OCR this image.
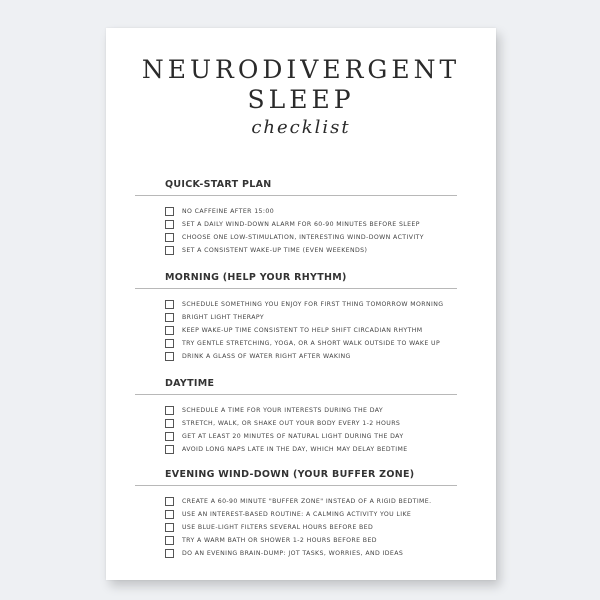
NEURODIVERGENT
SLEEP
checklist
QUICK-START PLAN
NO CAFFEINE AFTER 15:00
SET A DAILY WIND-DOWN ALARM FOR 60-90 MINUTES BEFORE SLEEP
CHOOSE ONE LOW-STIMULATION, INTERESTING WIND-DOWN ACTIVITY
SET A CONSISTENT WAKE-UP TIME (EVEN WEEKENDS)
MORNING (HELP YOUR RHYTHM)
SCHEDULE SOMETHING YOU ENJOY FOR FIRST THING TOMORROW MORNING
BRIGHT LIGHT THERAPY
KEEP WAKE-UP TIME CONSISTENT TO HELP SHIFT CIRCADIAN RHYTHM
TRY GENTLE STRETCHING, YOGA, OR A SHORT WALK OUTSIDE TO WAKE UP
DRINK A GLASS OF WATER RIGHT AFTER WAKING
DAYTIME
SCHEDULE A TIME FOR YOUR INTERESTS DURING THE DAY
STRETCH, WALK, OR SHAKE OUT YOUR BODY EVERY 1-2 HOURS
GET AT LEAST 20 MINUTES OF NATURAL LIGHT DURING THE DAY
AVOID LONG NAPS LATE IN THE DAY, WHICH MAY DELAY BEDTIME
EVENING WIND-DOWN (YOUR BUFFER ZONE)
CREATE A 60-90 MINUTE "BUFFER ZONE" INSTEAD OF A RIGID BEDTIME.
USE AN INTEREST-BASED ROUTINE: A CALMING ACTIVITY YOU LIKE
USE BLUE-LIGHT FILTERS SEVERAL HOURS BEFORE BED
TRY A WARM BATH OR SHOWER 1-2 HOURS BEFORE BED
DO AN EVENING BRAIN-DUMP: JOT TASKS, WORRIES, AND IDEAS
